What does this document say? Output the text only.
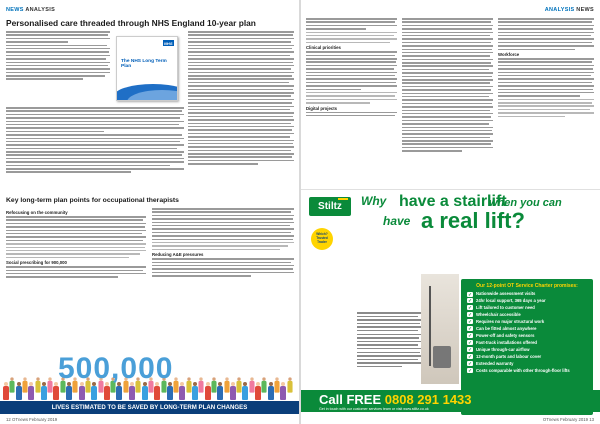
NEWS ANALYSIS
Personalised care threaded through NHS England 10-year plan
NHS
The NHS Long Term Plan
Key long-term plan points for occupational therapists
Refocusing on the community
Social prescribing for 900,000
Reducing A&E pressures
500,000
LIVES ESTIMATED TO BE SAVED BY LONG-TERM PLAN CHANGES
12 OTnews February 2019
ANALYSIS NEWS
Clinical priorities
Digital projects
Workforce
Stiltz	Why have a stairlift
when you can
have a real lift?
Which? Trusted Trader
Our 12-point OT Service Charter promises:
✓ Nationwide assessment visits
✓ 24hr local support, 365 days a year
✓ Lift tailored to customer need
✓ Wheelchair accessible
✓ Requires no major structural work
✓ Can be fitted almost anywhere
✓ Power-off and safety sensors
✓ Fast-track installations offered
✓ Unique through-car airflow
✓ 12-month parts and labour cover
✓ Extended warranty
✓ Costs comparable with other through-floor lifts
Call FREE 0808 291 1433
Get in touch with our customer services team or visit www.stiltz.co.uk
OTnews February 2019 13
